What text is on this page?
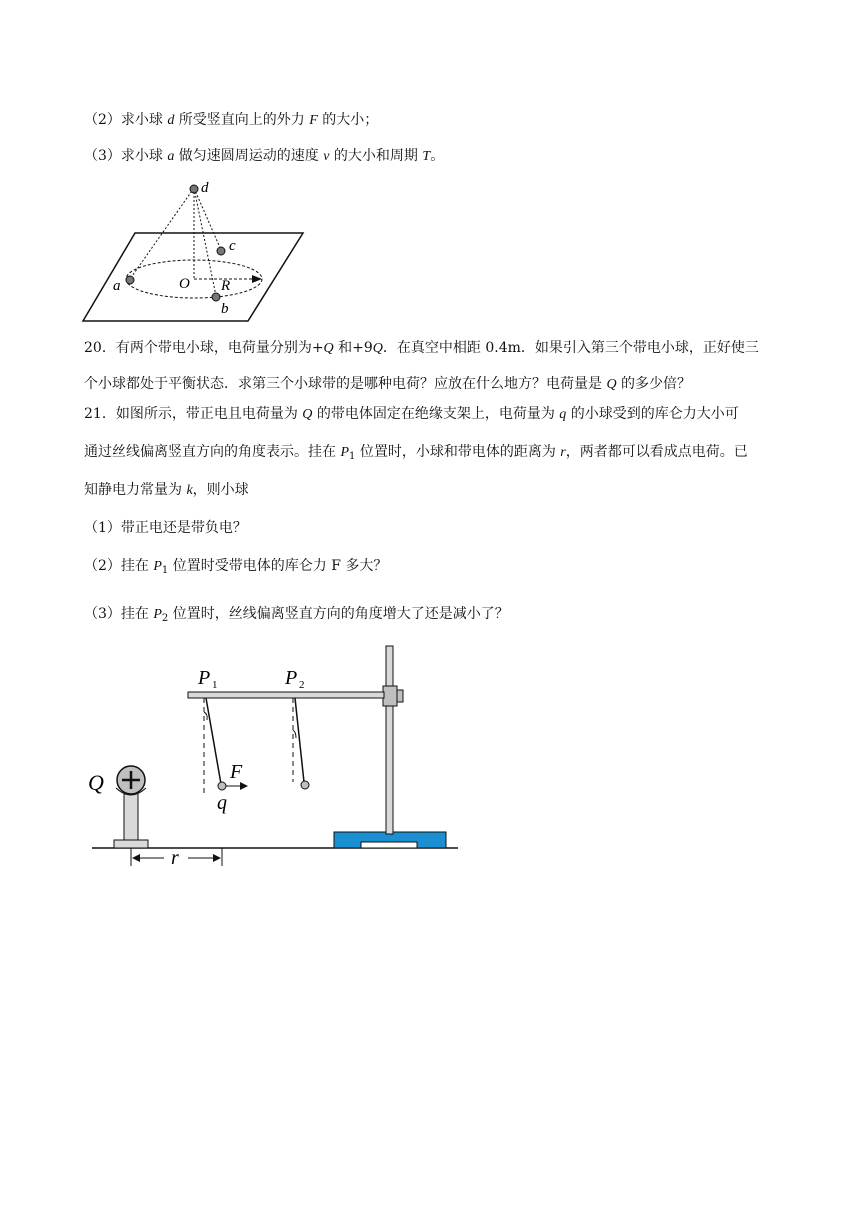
（2）求小球 d 所受竖直向上的外力 F 的大小；
（3）求小球 a 做匀速圆周运动的速度 v 的大小和周期 T。
d
c
O R
a
b
20．有两个带电小球，电荷量分别为+Q 和+9Q．在真空中相距 0.4m．如果引入第三个带电小球，正好使三
个小球都处于平衡状态．求第三个小球带的是哪种电荷？应放在什么地方？电荷量是 Q 的多少倍？
21．如图所示，带正电且电荷量为 Q 的带电体固定在绝缘支架上，电荷量为 q 的小球受到的库仑力大小可
通过丝线偏离竖直方向的角度表示。挂在 $P_1$ 位置时，小球和带电体的距离为 r，两者都可以看成点电荷。已
知静电力常量为 k，则小球
（1）带正电还是带负电？
（2）挂在 $P_1$ 位置时受带电体的库仑力 F 多大？
（3）挂在 $P_2$ 位置时，丝线偏离竖直方向的角度增大了还是减小了？
P 1	P 2
Q	F
q
r
